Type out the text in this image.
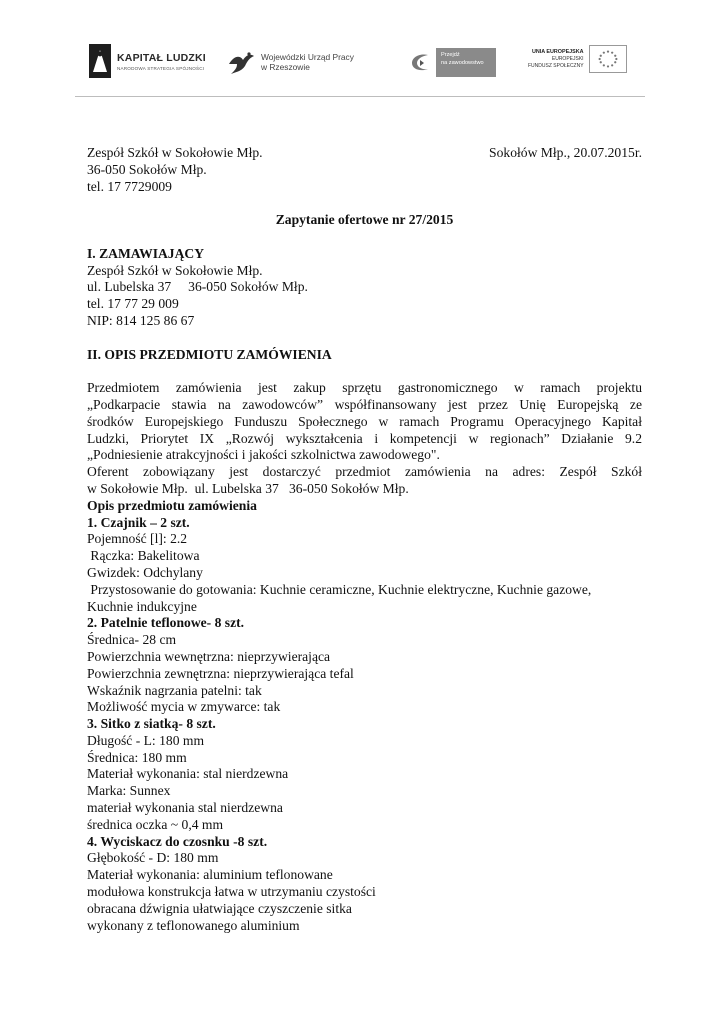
KAPITAŁ LUDZKI
NARODOWA STRATEGIA SPÓJNOŚCI
Wojewódzki Urząd Pracy
w Rzeszowie
Przejdź
na zawodowstwo
UNIA EUROPEJSKA
EUROPEJSKI
FUNDUSZ SPOŁECZNY
Zespół Szkół w Sokołowie Młp.	Sokołów Młp., 20.07.2015r.
36-050 Sokołów Młp.
tel. 17 7729009
Zapytanie ofertowe nr 27/2015
I. ZAMAWIAJĄCY
Zespół Szkół w Sokołowie Młp.
ul. Lubelska 37     36-050 Sokołów Młp.
tel. 17 77 29 009
NIP: 814 125 86 67
II. OPIS PRZEDMIOTU ZAMÓWIENIA
Przedmiotem zamówienia jest zakup sprzętu gastronomicznego w ramach projektu
„Podkarpacie stawia na zawodowców” współfinansowany jest przez Unię Europejską ze
środków Europejskiego Funduszu Społecznego w ramach Programu Operacyjnego Kapitał
Ludzki, Priorytet IX „Rozwój wykształcenia i kompetencji w regionach” Działanie 9.2
„Podniesienie atrakcyjności i jakości szkolnictwa zawodowego".
Oferent zobowiązany jest dostarczyć przedmiot zamówienia na adres: Zespół Szkół
w Sokołowie Młp.  ul. Lubelska 37   36-050 Sokołów Młp.
Opis przedmiotu zamówienia
1. Czajnik – 2 szt.
Pojemność [l]: 2.2
Rączka: Bakelitowa
Gwizdek: Odchylany
Przystosowanie do gotowania: Kuchnie ceramiczne, Kuchnie elektryczne, Kuchnie gazowe,
Kuchnie indukcyjne
2. Patelnie teflonowe- 8 szt.
Średnica- 28 cm
Powierzchnia wewnętrzna: nieprzywierająca
Powierzchnia zewnętrzna: nieprzywierająca tefal
Wskaźnik nagrzania patelni: tak
Możliwość mycia w zmywarce: tak
3. Sitko z siatką- 8 szt.
Długość - L: 180 mm
Średnica: 180 mm
Materiał wykonania: stal nierdzewna
Marka: Sunnex
materiał wykonania stal nierdzewna
średnica oczka ~ 0,4 mm
4. Wyciskacz do czosnku -8 szt.
Głębokość - D: 180 mm
Materiał wykonania: aluminium teflonowane
modułowa konstrukcja łatwa w utrzymaniu czystości
obracana dźwignia ułatwiające czyszczenie sitka
wykonany z teflonowanego aluminium
